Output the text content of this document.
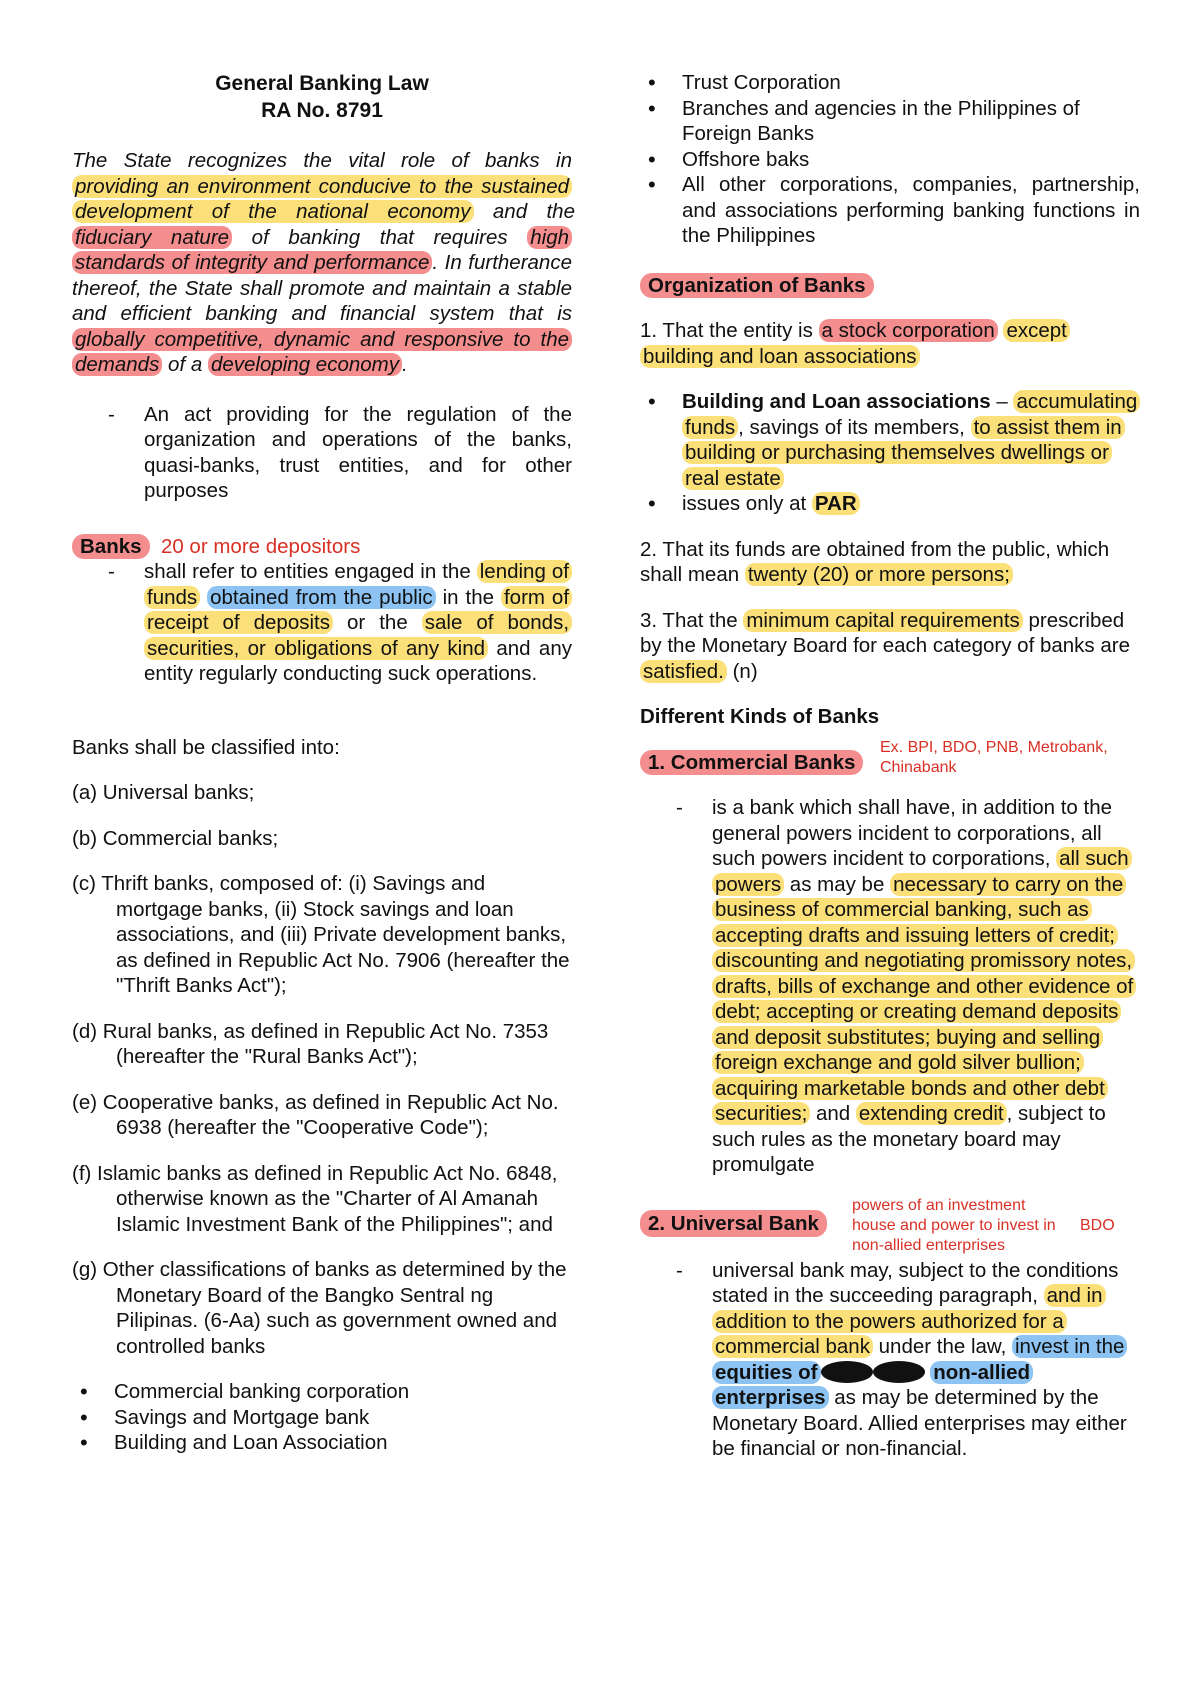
General Banking Law

RA No. 8791

The State recognizes the vital role of banks in providing an environment conducive to the sustained development of the national economy and the fiduciary nature of banking that requires high standards of integrity and performance . In furtherance thereof, the State shall promote and maintain a stable and efficient banking and financial system that is globally competitive, dynamic and responsive to the demands of a developing economy .

- An act providing for the regulation of the organization and operations of the banks, quasi-banks, trust entities, and for other purposes

Banks 20 or more depositors

- shall refer to entities engaged in the lending of funds obtained from the public in the form of receipt of deposits or the sale of bonds, securities, or obligations of any kind and any entity regularly conducting suck operations.

Banks shall be classified into:

(a) Universal banks;

(b) Commercial banks;

(c) Thrift banks, composed of: (i) Savings and mortgage banks, (ii) Stock savings and loan associations, and (iii) Private development banks, as defined in Republic Act No. 7906 (hereafter the "Thrift Banks Act");

(d) Rural banks, as defined in Republic Act No. 7353 (hereafter the "Rural Banks Act");

(e) Cooperative banks, as defined in Republic Act No. 6938 (hereafter the "Cooperative Code");

(f) Islamic banks as defined in Republic Act No. 6848, otherwise known as the "Charter of Al Amanah Islamic Investment Bank of the Philippines"; and

(g) Other classifications of banks as determined by the Monetary Board of the Bangko Sentral ng Pilipinas. (6-Aa) such as government owned and controlled banks

• Commercial banking corporation

• Savings and Mortgage bank

• Building and Loan Association

• Trust Corporation

• Branches and agencies in the Philippines of Foreign Banks

• Offshore baks

• All other corporations, companies, partnership, and associations performing banking functions in the Philippines

Organization of Banks

1. That the entity is a stock corporation except building and loan associations

• Building and Loan associations – accumulating funds , savings of its members, to assist them in building or purchasing themselves dwellings or real estate

• issues only at PAR

2. That its funds are obtained from the public, which shall mean twenty (20) or more persons;

3. That the minimum capital requirements prescribed by the Monetary Board for each category of banks are satisfied. (n)

Different Kinds of Banks

1. Commercial Banks
Ex. BPI, BDO, PNB, Metrobank, Chinabank

- is a bank which shall have, in addition to the general powers incident to corporations, all such powers incident to corporations, all such powers as may be necessary to carry on the business of commercial banking, such as accepting drafts and issuing letters of credit; discounting and negotiating promissory notes, drafts, bills of exchange and other evidence of debt; accepting or creating demand deposits and deposit substitutes; buying and selling foreign exchange and gold silver bullion; acquiring marketable bonds and other debt securities; and extending credit , subject to such rules as the monetary board may promulgate

2. Universal Bank
powers of an investment house and power to invest in non-allied enterprises
BDO

- universal bank may, subject to the conditions stated in the succeeding paragraph, and in addition to the powers authorized for a commercial bank under the law, invest in the equities of	non-allied enterprises as may be determined by the Monetary Board. Allied enterprises may either be financial or non-financial.
